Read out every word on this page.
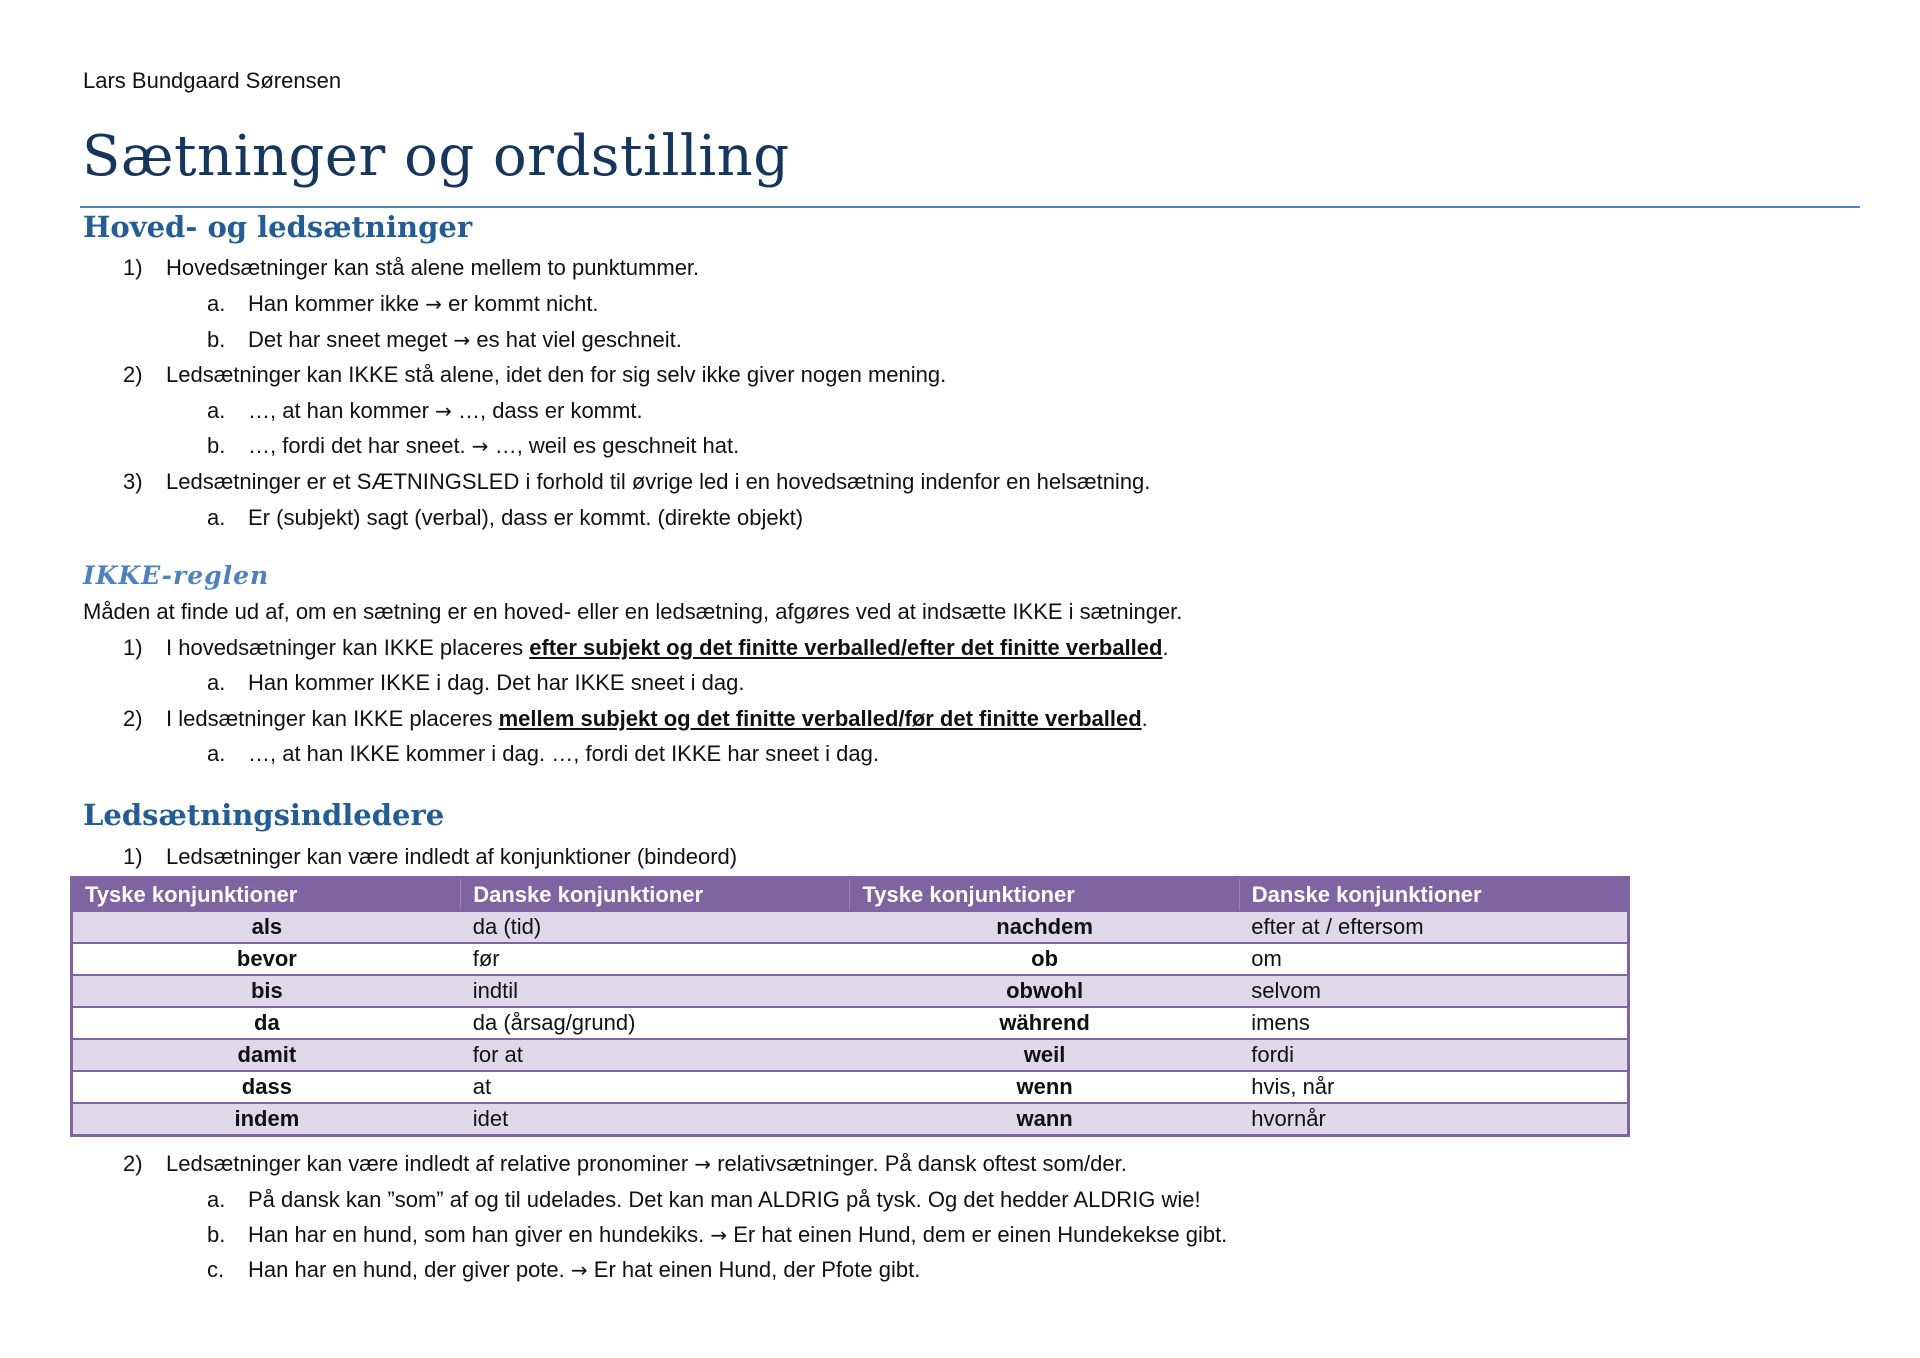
Lars Bundgaard Sørensen
Sætninger og ordstilling
Hoved- og ledsætninger
1) Hovedsætninger kan stå alene mellem to punktummer.
a. Han kommer ikke → er kommt nicht.
b. Det har sneet meget → es hat viel geschneit.
2) Ledsætninger kan IKKE stå alene, idet den for sig selv ikke giver nogen mening.
a. …, at han kommer → …, dass er kommt.
b. …, fordi det har sneet. → …, weil es geschneit hat.
3) Ledsætninger er et SÆTNINGSLED i forhold til øvrige led i en hovedsætning indenfor en helsætning.
a. Er (subjekt) sagt (verbal), dass er kommt. (direkte objekt)
IKKE-reglen
Måden at finde ud af, om en sætning er en hoved- eller en ledsætning, afgøres ved at indsætte IKKE i sætninger.
1) I hovedsætninger kan IKKE placeres efter subjekt og det finitte verballed/efter det finitte verballed.
a. Han kommer IKKE i dag. Det har IKKE sneet i dag.
2) I ledsætninger kan IKKE placeres mellem subjekt og det finitte verballed/før det finitte verballed.
a. …, at han IKKE kommer i dag. …, fordi det IKKE har sneet i dag.
Ledsætningsindledere
1) Ledsætninger kan være indledt af konjunktioner (bindeord)
Tyske konjunktioner	Danske konjunktioner	Tyske konjunktioner	Danske konjunktioner
als	da (tid)	nachdem	efter at / eftersom
bevor	før	ob	om
bis	indtil	obwohl	selvom
da	da (årsag/grund)	während	imens
damit	for at	weil	fordi
dass	at	wenn	hvis, når
indem	idet	wann	hvornår
2) Ledsætninger kan være indledt af relative pronominer → relativsætninger. På dansk oftest som/der.
a. På dansk kan ”som” af og til udelades. Det kan man ALDRIG på tysk. Og det hedder ALDRIG wie!
b. Han har en hund, som han giver en hundekiks. → Er hat einen Hund, dem er einen Hundekekse gibt.
c. Han har en hund, der giver pote. → Er hat einen Hund, der Pfote gibt.
